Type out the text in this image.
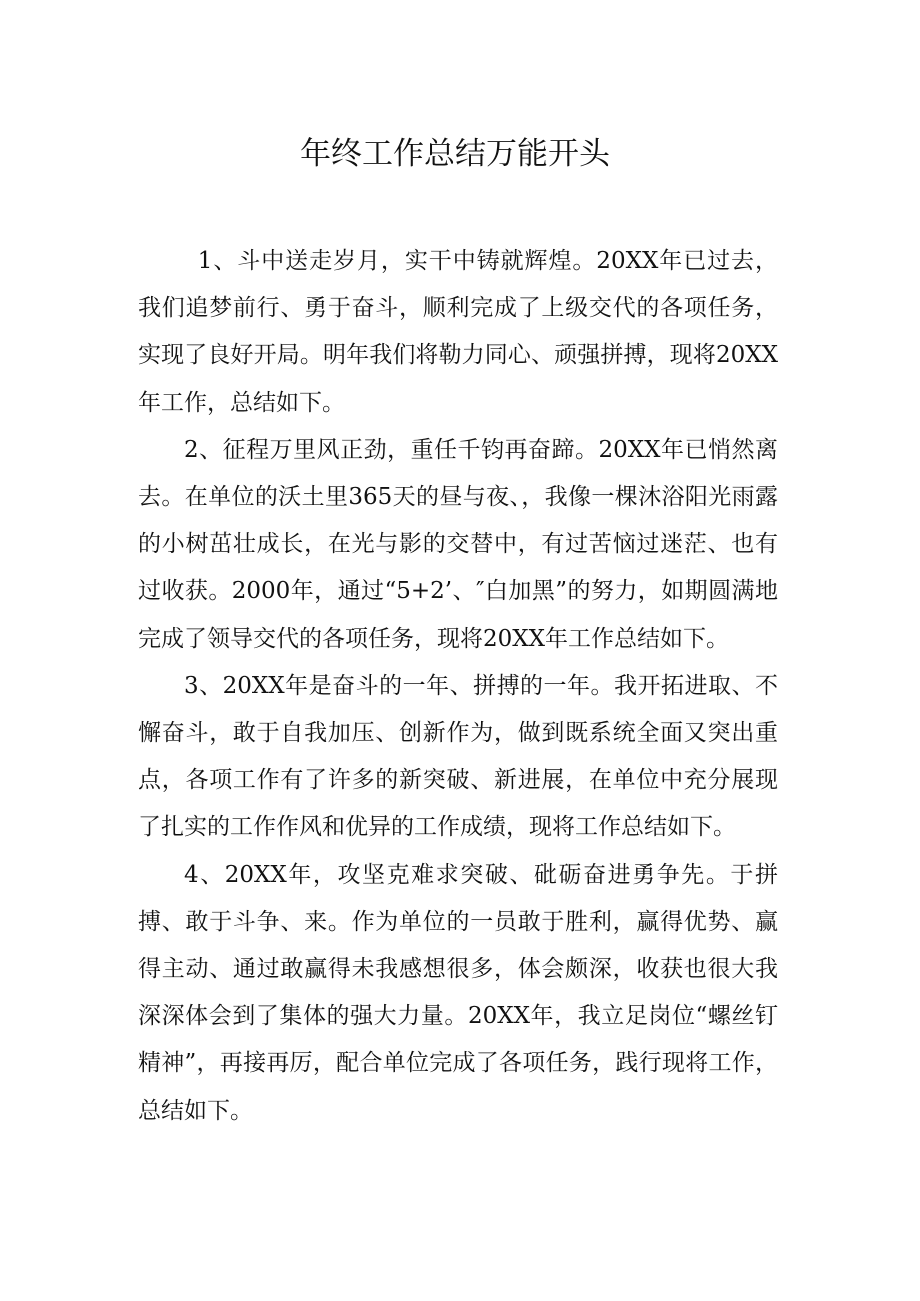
年终工作总结万能开头

1、斗中送走岁月，实干中铸就辉煌。20XX年已过去，我们追梦前行、勇于奋斗，顺利完成了上级交代的各项任务，实现了良好开局。明年我们将勒力同心、顽强拼搏，现将20XX年工作，总结如下。

2、征程万里风正劲，重任千钧再奋蹄。20XX年已悄然离去。在单位的沃土里365天的昼与夜、，我像一棵沐浴阳光雨露的小树茁壮成长，在光与影的交替中，有过苦恼过迷茫、也有过收获。2000年，通过“5+2’、″白加黑”的努力，如期圆满地完成了领导交代的各项任务，现将20XX年工作总结如下。

3、20XX年是奋斗的一年、拼搏的一年。我开拓进取、不懈奋斗，敢于自我加压、创新作为，做到既系统全面又突出重点，各项工作有了许多的新突破、新进展，在单位中充分展现了扎实的工作作风和优异的工作成绩，现将工作总结如下。

4、20XX年，攻坚克难求突破、砒砺奋进勇争先。于拼搏、敢于斗争、来。作为单位的一员敢于胜利，赢得优势、赢得主动、通过敢赢得未我感想很多，体会颇深，收获也很大我深深体会到了集体的强大力量。20XX年，我立足岗位“螺丝钉精神”，再接再厉，配合单位完成了各项任务，践行现将工作，总结如下。
